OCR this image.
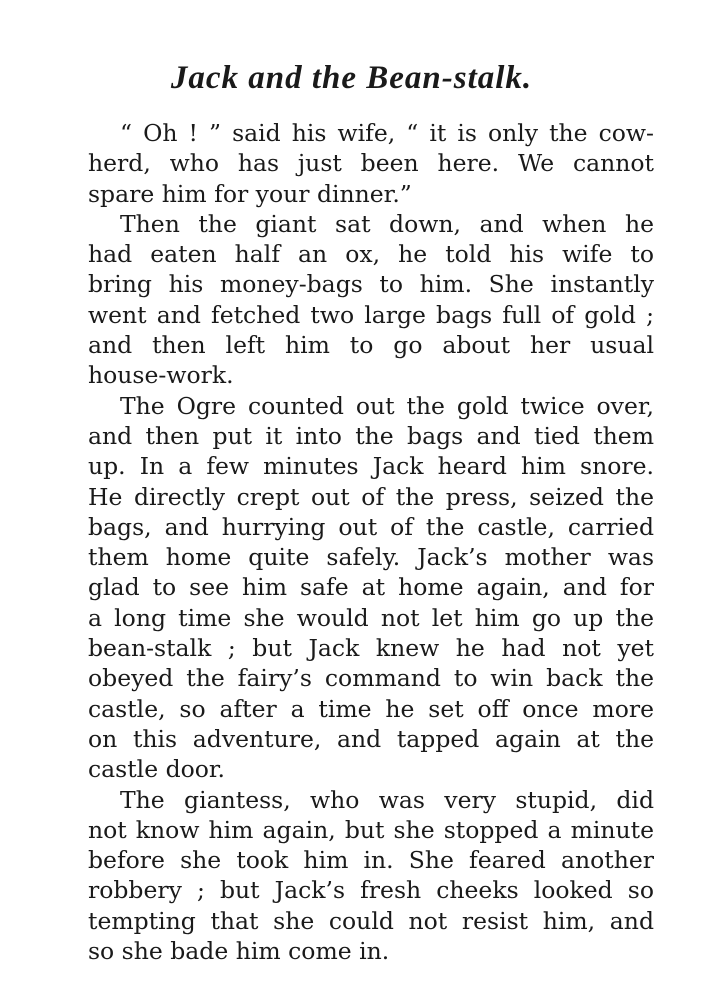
Jack and the Bean-stalk.
“ Oh ! ” said his wife, “ it is only the cow-
herd, who has just been here. We cannot
spare him for your dinner.”
Then the giant sat down, and when he
had eaten half an ox, he told his wife to
bring his money-bags to him. She instantly
went and fetched two large bags full of gold ;
and then left him to go about her usual
house-work.
The Ogre counted out the gold twice over,
and then put it into the bags and tied them
up. In a few minutes Jack heard him snore.
He directly crept out of the press, seized the
bags, and hurrying out of the castle, carried
them home quite safely. Jack’s mother was
glad to see him safe at home again, and for
a long time she would not let him go up the
bean-stalk ; but Jack knew he had not yet
obeyed the fairy’s command to win back the
castle, so after a time he set off once more
on this adventure, and tapped again at the
castle door.
The giantess, who was very stupid, did
not know him again, but she stopped a minute
before she took him in. She feared another
robbery ; but Jack’s fresh cheeks looked so
tempting that she could not resist him, and
so she bade him come in.
